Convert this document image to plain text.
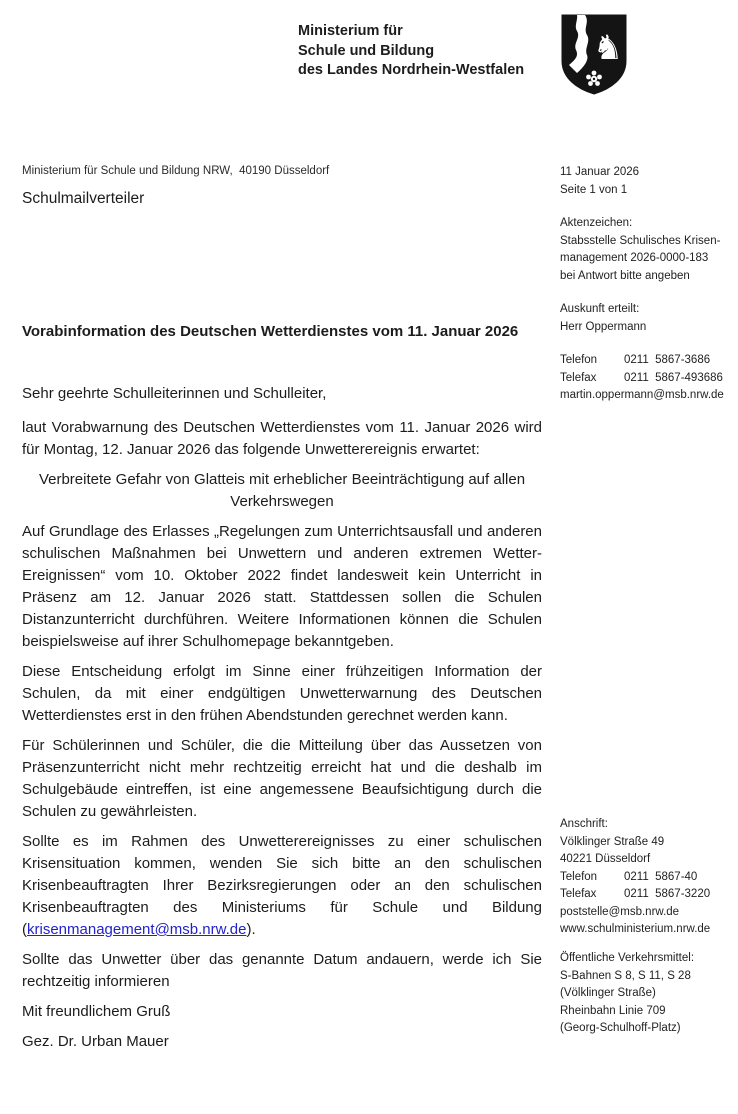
Ministerium für
Schule und Bildung
des Landes Nordrhein-Westfalen
♞
Ministerium für Schule und Bildung NRW,  40190 Düsseldorf
Schulmailverteiler
11 Januar 2026
Seite 1 von 1
Aktenzeichen:
Stabsstelle Schulisches Krisen-
management 2026-0000-183
bei Antwort bitte angeben
Auskunft erteilt:
Herr Oppermann
Telefon	0211  5867-3686
Telefax	0211  5867-493686
martin.oppermann@msb.nrw.de
Anschrift:
Völklinger Straße 49
40221 Düsseldorf
Telefon	0211  5867-40
Telefax	0211  5867-3220
poststelle@msb.nrw.de
www.schulministerium.nrw.de
Öffentliche Verkehrsmittel:
S-Bahnen S 8, S 11, S 28
(Völklinger Straße)
Rheinbahn Linie 709
(Georg-Schulhoff-Platz)

Vorabinformation des Deutschen Wetterdienstes vom 11. Januar 2026

Sehr geehrte Schulleiterinnen und Schulleiter,

laut Vorabwarnung des Deutschen Wetterdienstes vom 11. Januar 2026 wird für Montag, 12. Januar 2026 das folgende Unwetterereignis erwartet:

Verbreitete Gefahr von Glatteis mit erheblicher Beeinträchtigung auf allen Verkehrswegen

Auf Grundlage des Erlasses „Regelungen zum Unterrichtsausfall und anderen schulischen Maßnahmen bei Unwettern und anderen extremen Wetter-Ereignissen“ vom 10. Oktober 2022 findet landesweit kein Unterricht in Präsenz am 12. Januar 2026 statt. Stattdessen sollen die Schulen Distanzunterricht durchführen. Weitere Informationen können die Schulen beispielsweise auf ihrer Schulhomepage bekanntgeben.

Diese Entscheidung erfolgt im Sinne einer frühzeitigen Information der Schulen, da mit einer endgültigen Unwetterwarnung des Deutschen Wetterdienstes erst in den frühen Abendstunden gerechnet werden kann.

Für Schülerinnen und Schüler, die die Mitteilung über das Aussetzen von Präsenzunterricht nicht mehr rechtzeitig erreicht hat und die deshalb im Schulgebäude eintreffen, ist eine angemessene Beaufsichtigung durch die Schulen zu gewährleisten.

Sollte es im Rahmen des Unwetterereignisses zu einer schulischen Krisensituation kommen, wenden Sie sich bitte an den schulischen Krisenbeauftragten Ihrer Bezirksregierungen oder an den schulischen Krisenbeauftragten des Ministeriums für Schule und Bildung (krisenmanagement@msb.nrw.de).

Sollte das Unwetter über das genannte Datum andauern, werde ich Sie rechtzeitig informieren

Mit freundlichem Gruß

Gez. Dr. Urban Mauer
